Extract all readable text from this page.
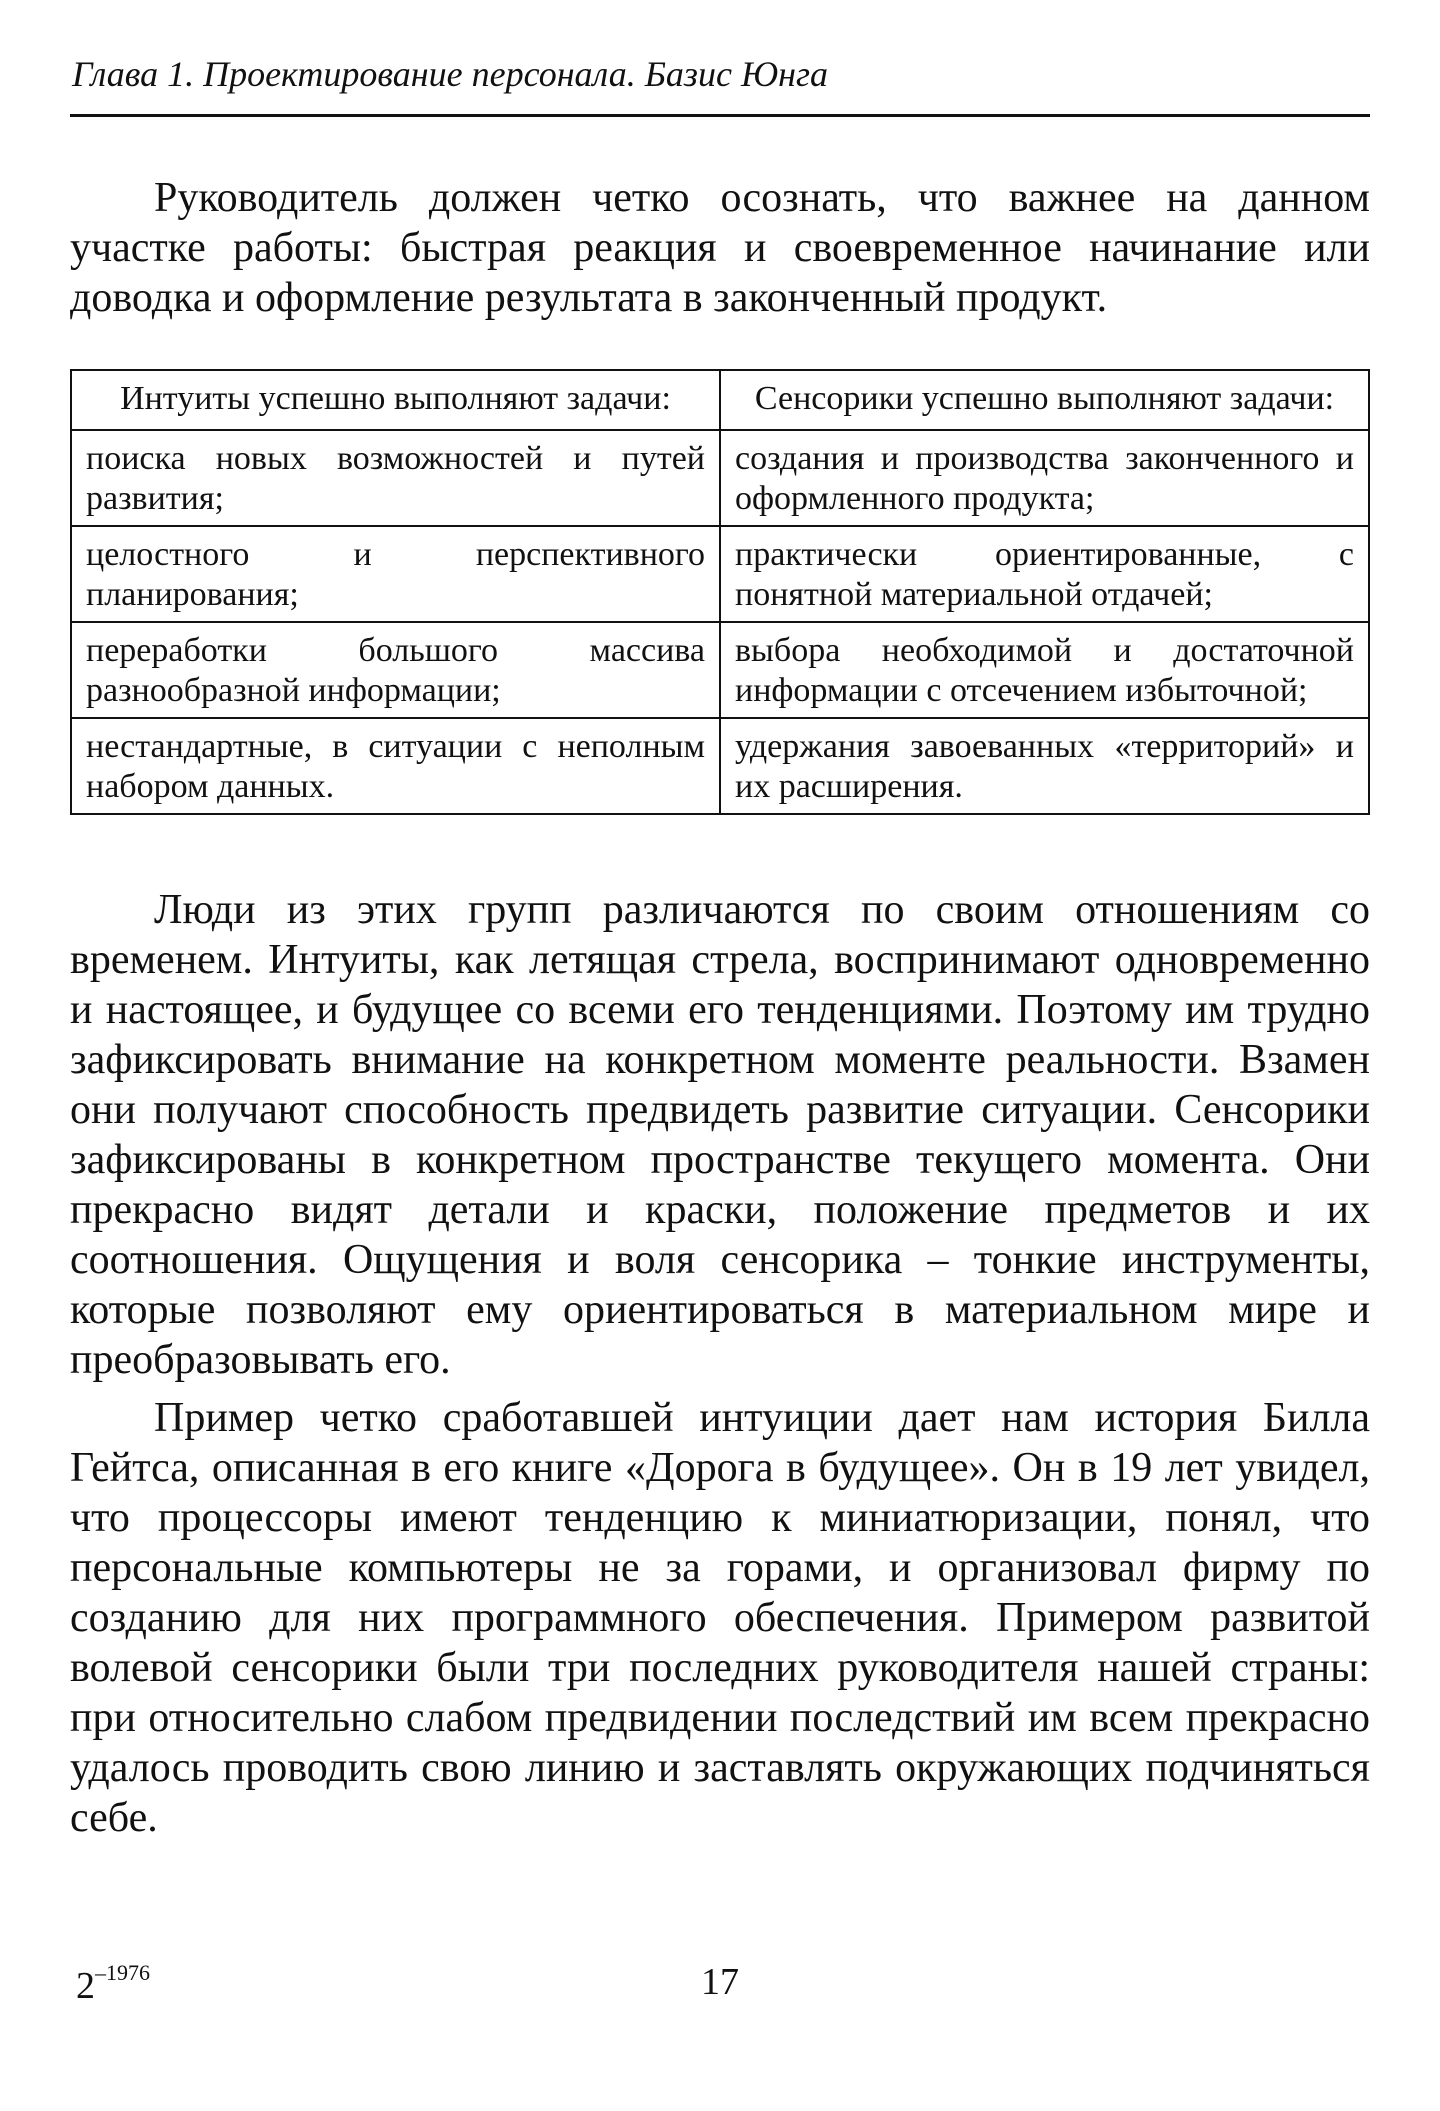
Глава 1. Проектирование персонала. Базис Юнга

Руководитель должен четко осознать, что важнее на данном участке работы: быстрая реакция и своевременное начинание или доводка и оформление результата в законченный продукт.

Интуиты успешно выполняют задачи:	Сенсорики успешно выполняют задачи:
поиска новых возможностей и путей развития;	создания и производства законченного и оформленного продукта;
целостного и перспективного планирования;	практически ориентированные, с понятной материальной отдачей;
переработки большого массива разнообразной информации;	выбора необходимой и достаточной информации с отсечением избыточной;
нестандартные, в ситуации с неполным набором данных.	удержания завоеванных «территорий» и их расширения.

Люди из этих групп различаются по своим отношениям со временем. Интуиты, как летящая стрела, воспринимают одновременно и настоящее, и будущее со всеми его тенденциями. Поэтому им трудно зафиксировать внимание на конкретном моменте реальности. Взамен они получают способность предвидеть развитие ситуации. Сенсорики зафиксированы в конкретном пространстве текущего момента. Они прекрасно видят детали и краски, положение предметов и их соотношения. Ощущения и воля сенсорика – тонкие инструменты, которые позволяют ему ориентироваться в материальном мире и преобразовывать его.

Пример четко сработавшей интуиции дает нам история Билла Гейтса, описанная в его книге «Дорога в будущее». Он в 19 лет увидел, что процессоры имеют тенденцию к миниатюризации, понял, что персональные компьютеры не за горами, и организовал фирму по созданию для них программного обеспечения. Примером развитой волевой сенсорики были три последних руководителя нашей страны: при относительно слабом предвидении последствий им всем прекрасно удалось проводить свою линию и заставлять окружающих подчиняться себе.

$2^{-1976}$	17
